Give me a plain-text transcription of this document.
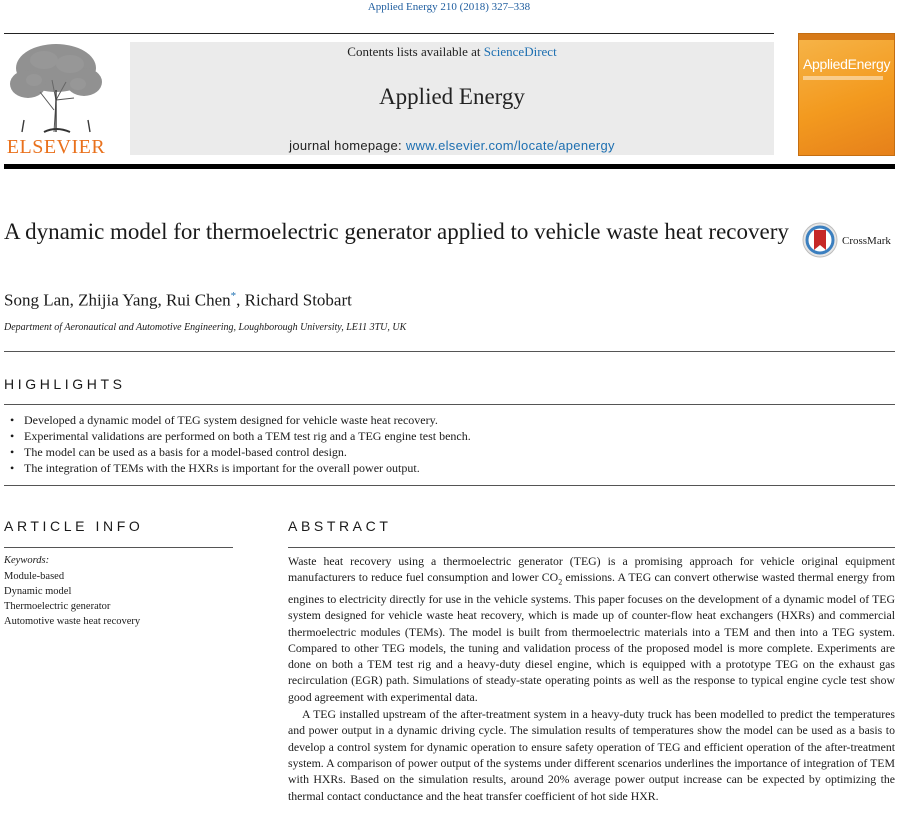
Applied Energy 210 (2018) 327–338
ELSEVIER
Contents lists available at ScienceDirect
Applied Energy
journal homepage: www.elsevier.com/locate/apenergy
AppliedEnergy
A dynamic model for thermoelectric generator applied to vehicle waste heat recovery	CrossMark
Song Lan, Zhijia Yang, Rui Chen*, Richard Stobart
Department of Aeronautical and Automotive Engineering, Loughborough University, LE11 3TU, UK
HIGHLIGHTS
• Developed a dynamic model of TEG system designed for vehicle waste heat recovery.
• Experimental validations are performed on both a TEM test rig and a TEG engine test bench.
• The model can be used as a basis for a model-based control design.
• The integration of TEMs with the HXRs is important for the overall power output.
ARTICLE INFO
Keywords:
Module-based
Dynamic model
Thermoelectric generator
Automotive waste heat recovery
ABSTRACT

Waste heat recovery using a thermoelectric generator (TEG) is a promising approach for vehicle original equipment manufacturers to reduce fuel consumption and lower $CO_2$ emissions. A TEG can convert otherwise wasted thermal energy from engines to electricity directly for use in the vehicle systems. This paper focuses on the development of a dynamic model of TEG system designed for vehicle waste heat recovery, which is made up of counter-flow heat exchangers (HXRs) and commercial thermoelectric modules (TEMs). The model is built from thermoelectric materials into a TEM and then into a TEG system. Compared to other TEG models, the tuning and validation process of the proposed model is more complete. Experiments are done on both a TEM test rig and a heavy-duty diesel engine, which is equipped with a prototype TEG on the exhaust gas recirculation (EGR) path. Simulations of steady-state operating points as well as the response to typical engine cycle test show good agreement with experimental data.

A TEG installed upstream of the after-treatment system in a heavy-duty truck has been modelled to predict the temperatures and power output in a dynamic driving cycle. The simulation results of temperatures show the model can be used as a basis to develop a control system for dynamic operation to ensure safety operation of TEG and efficient operation of the after-treatment system. A comparison of power output of the systems under different scenarios underlines the importance of integration of TEM with HXRs. Based on the simulation results, around 20% average power output increase can be expected by optimizing the thermal contact conductance and the heat transfer coefficient of hot side HXR.
